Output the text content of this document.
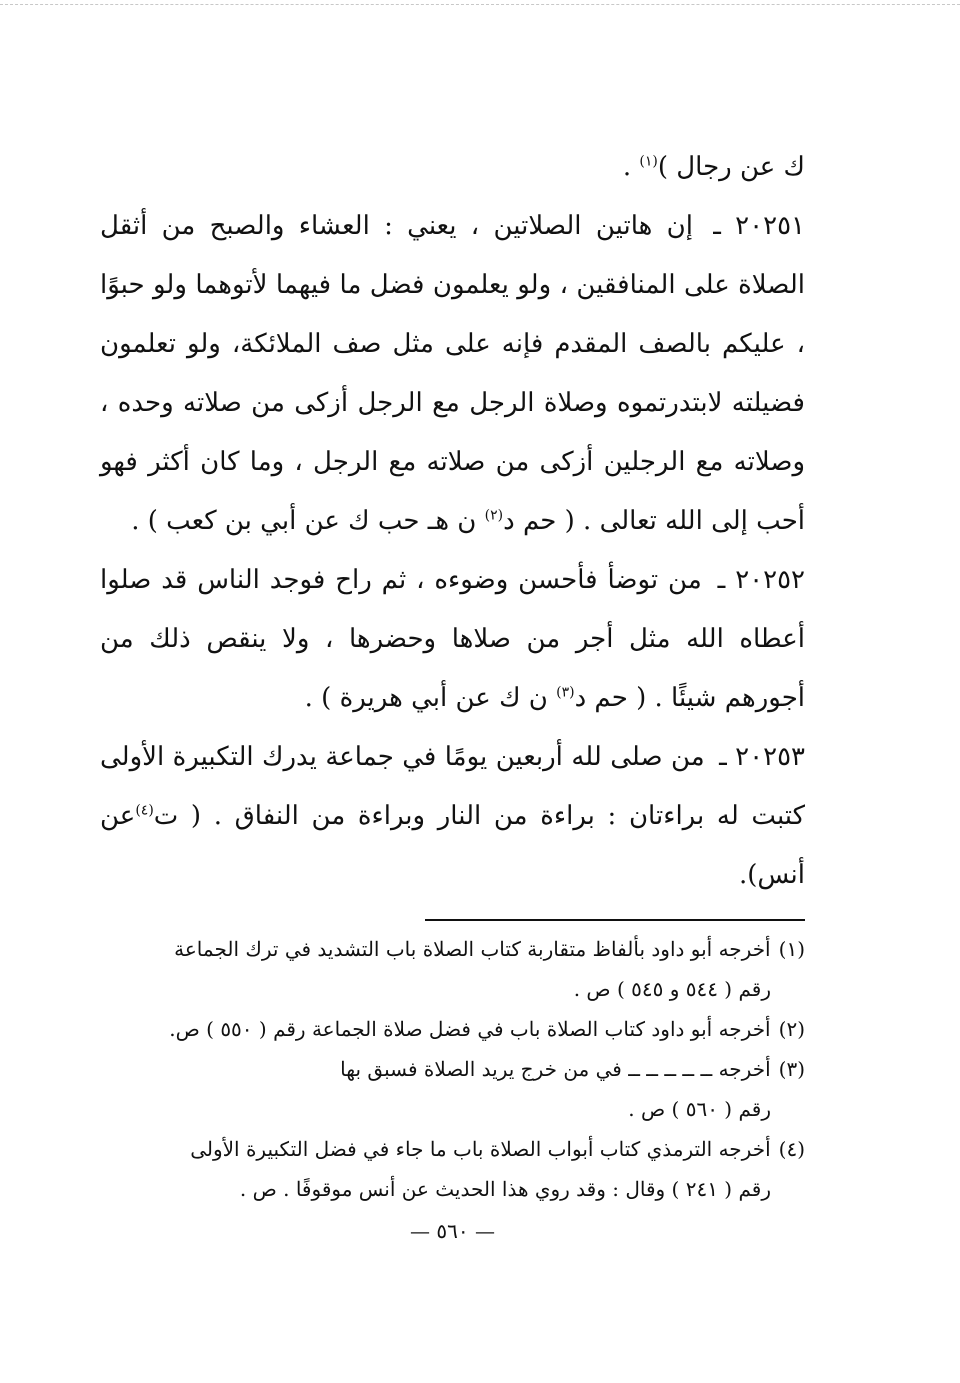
ك عن رجال )$^{(١)}$ .

٢٠٢٥١ ـ إن هاتين الصلاتين ، يعني : العشاء والصبح من أثقل الصلاة على المنافقين ، ولو يعلمون فضل ما فيهما لأتوهما ولو حبوًا ، عليكم بالصف المقدم فإنه على مثل صف الملائكة، ولو تعلمون فضيلته لابتدرتموه وصلاة الرجل مع الرجل أزكى من صلاته وحده ، وصلاته مع الرجلين أزكى من صلاته مع الرجل ، وما كان أكثر فهو أحب إلى الله تعالى . ( حم د$^{(٢)}$ ن هـ حب ك عن أبي بن كعب ) .

٢٠٢٥٢ ـ من توضأ فأحسن وضوءه ، ثم راح فوجد الناس قد صلوا أعطاه الله مثل أجر من صلاها وحضرها ، ولا ينقص ذلك من أجورهم شيئًا . ( حم د$^{(٣)}$ ن ك عن أبي هريرة ) .

٢٠٢٥٣ ـ من صلى لله أربعين يومًا في جماعة يدرك التكبيرة الأولى كتبت له براءتان : براءة من النار وبراءة من النفاق . ( ت$^{(٤)}$عن أنس).

(١)أخرجه أبو داود بألفاظ متقاربة كتاب الصلاة باب التشديد في ترك الجماعة
رقم ( ٥٤٤ و ٥٤٥ ) ص .

(٢)أخرجه أبو داود كتاب الصلاة باب في فضل صلاة الجماعة رقم ( ٥٥٠ ) ص.

(٣)أخرجه ــ ــ ــ ــ ــ في من خرج يريد الصلاة فسبق بها
رقم ( ٥٦٠ ) ص .

(٤)أخرجه الترمذي كتاب أبواب الصلاة باب ما جاء في فضل التكبيرة الأولى
رقم ( ٢٤١ ) وقال : وقد روي هذا الحديث عن أنس موقوفًا . ص .

— ٥٦٠ —
